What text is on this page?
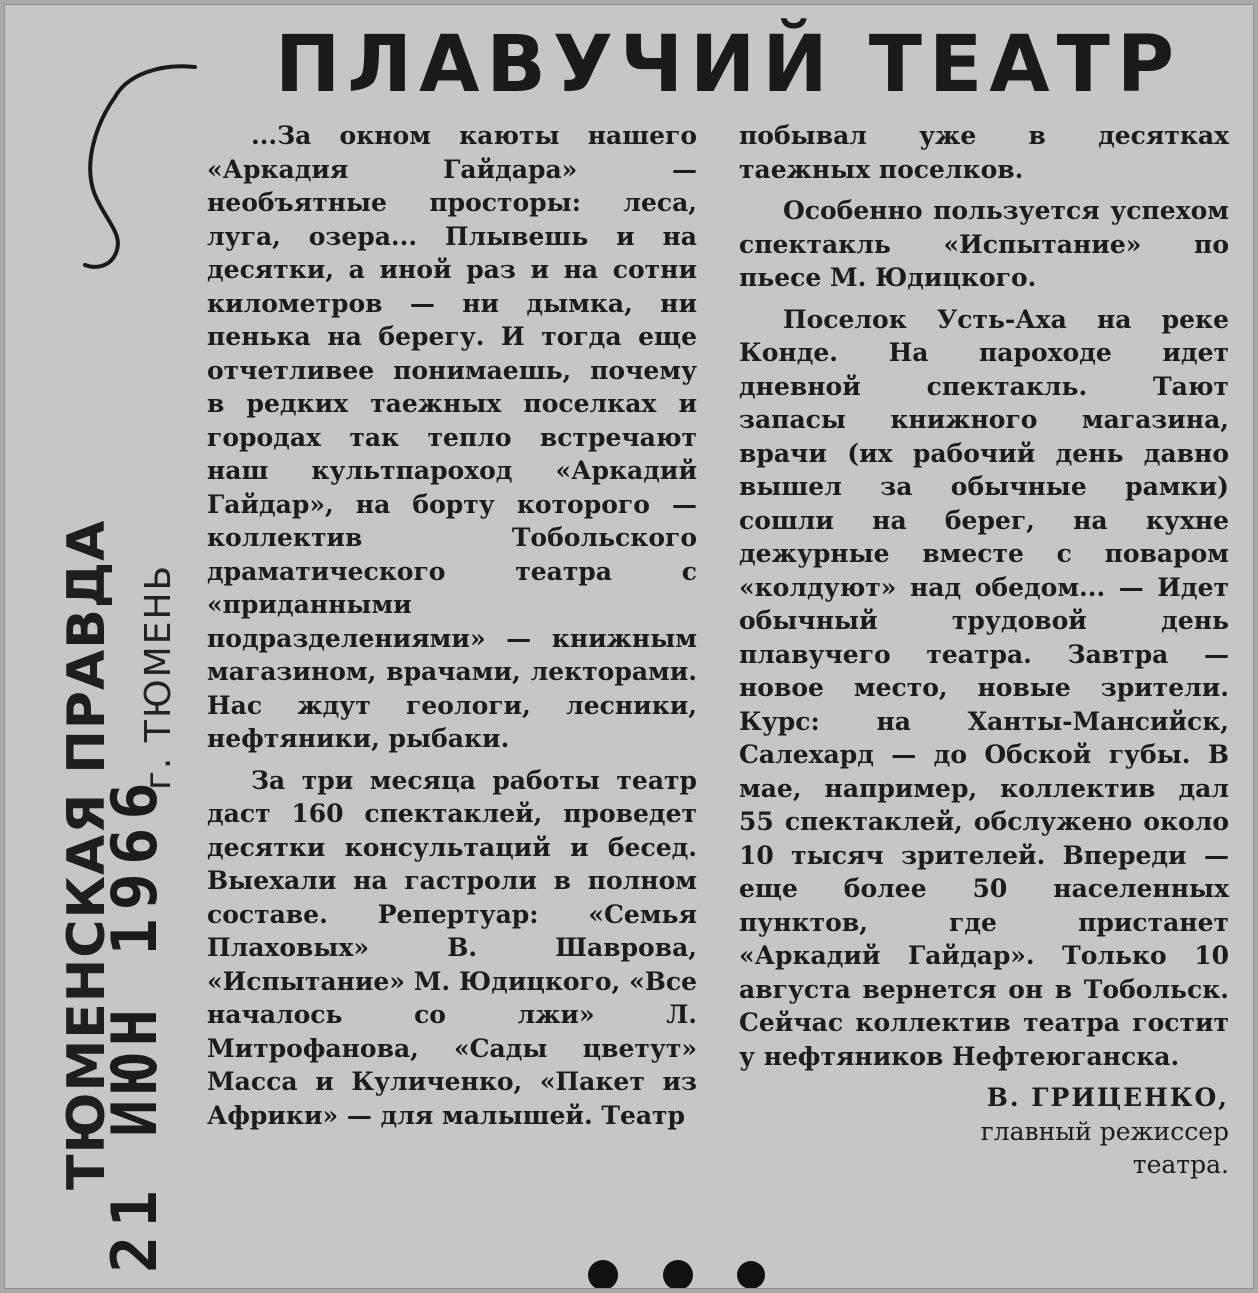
ПЛАВУЧИЙ ТЕАТР
ТЮМЕНСКАЯ ПРАВДА г. ТЮМЕНЬ
21 ИЮН 1966

...За окном каюты нашего «Аркадия Гайдара» — необъятные просторы: леса, луга, озера... Плывешь и на десятки, а иной раз и на сотни километров — ни дымка, ни пенька на берегу. И тогда еще отчетливее понимаешь, почему в редких таежных поселках и городах так тепло встречают наш культпароход «Аркадий Гайдар», на борту которого — коллектив Тобольского драматического театра с «приданными подразделениями» — книжным магазином, врачами, лекторами. Нас ждут геологи, лесники, нефтяники, рыбаки.

За три месяца работы театр даст 160 спектаклей, проведет десятки консультаций и бесед. Выехали на гастроли в полном составе. Репертуар: «Семья Плаховых» В. Шаврова, «Испытание» М. Юдицкого, «Все началось со лжи» Л. Митрофанова, «Сады цветут» Масса и Куличенко, «Пакет из Африки» — для малышей. Театр

побывал уже в десятках таежных поселков.

Особенно пользуется успехом спектакль «Испытание» по пьесе М. Юдицкого.

Поселок Усть-Аха на реке Конде. На пароходе идет дневной спектакль. Тают запасы книжного магазина, врачи (их рабочий день давно вышел за обычные рамки) сошли на берег, на кухне дежурные вместе с поваром «колдуют» над обедом... — Идет обычный трудовой день плавучего театра. Завтра — новое место, новые зрители. Курс: на Ханты-Мансийск, Салехард — до Обской губы. В мае, например, коллектив дал 55 спектаклей, обслужено около 10 тысяч зрителей. Впереди — еще более 50 населенных пунктов, где пристанет «Аркадий Гайдар». Только 10 августа вернется он в Тобольск. Сейчас коллектив театра гостит у нефтяников Нефтеюганска.

В. ГРИЦЕНКО,
главный режиссер
театра.
